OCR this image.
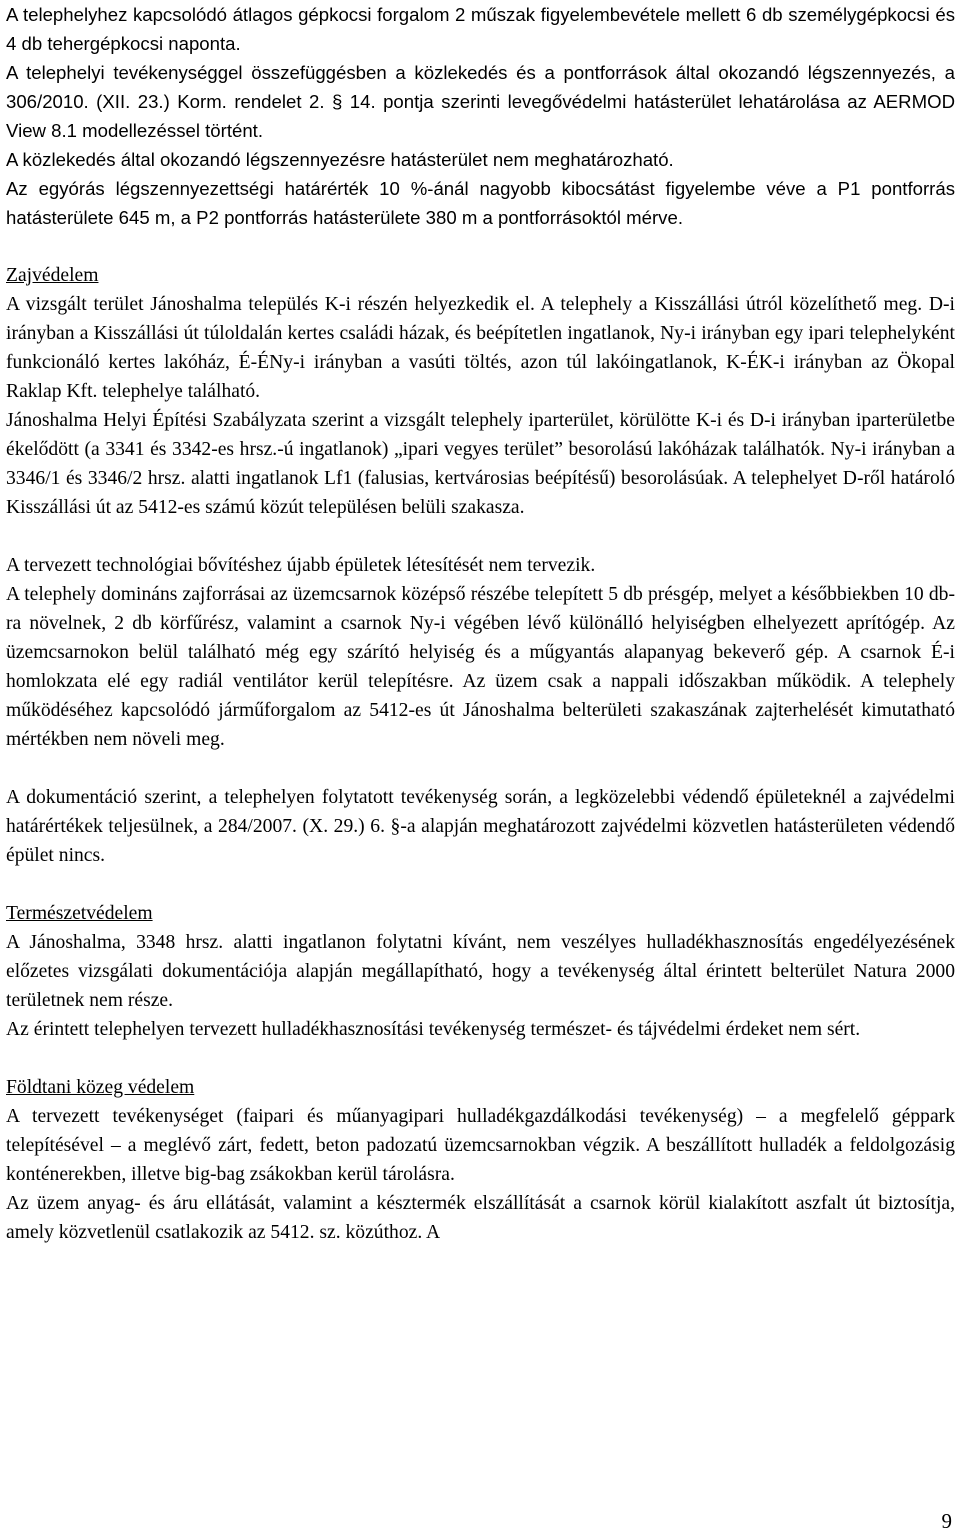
A telephelyhez kapcsolódó átlagos gépkocsi forgalom 2 műszak figyelembevétele mellett 6 db személygépkocsi és 4 db tehergépkocsi naponta.

A telephelyi tevékenységgel összefüggésben a közlekedés és a pontforrások által okozandó légszennyezés, a 306/2010. (XII. 23.) Korm. rendelet 2. § 14. pontja szerinti levegővédelmi hatásterület lehatárolása az AERMOD View 8.1 modellezéssel történt.

A közlekedés által okozandó légszennyezésre hatásterület nem meghatározható.

Az egyórás légszennyezettségi határérték 10 %-ánál nagyobb kibocsátást figyelembe véve a P1 pontforrás hatásterülete 645 m, a P2 pontforrás hatásterülete 380 m a pontforrásoktól mérve.

Zajvédelem

A vizsgált terület Jánoshalma település K-i részén helyezkedik el. A telephely a Kisszállási útról közelíthető meg. D-i irányban a Kisszállási út túloldalán kertes családi házak, és beépítetlen ingatlanok, Ny-i irányban egy ipari telephelyként funkcionáló kertes lakóház, É-ÉNy-i irányban a vasúti töltés, azon túl lakóingatlanok, K-ÉK-i irányban az Ökopal Raklap Kft. telephelye található.

Jánoshalma Helyi Építési Szabályzata szerint a vizsgált telephely iparterület, körülötte K-i és D-i irányban iparterületbe ékelődött (a 3341 és 3342-es hrsz.-ú ingatlanok) „ipari vegyes terület” besorolású lakóházak találhatók. Ny-i irányban a 3346/1 és 3346/2 hrsz. alatti ingatlanok Lf1 (falusias, kertvárosias beépítésű) besorolásúak. A telephelyet D-ről határoló Kisszállási út az 5412-es számú közút településen belüli szakasza.

A tervezett technológiai bővítéshez újabb épületek létesítését nem tervezik.

A telephely domináns zajforrásai az üzemcsarnok középső részébe telepített 5 db présgép, melyet a későbbiekben 10 db-ra növelnek, 2 db körfűrész, valamint a csarnok Ny-i végében lévő különálló helyiségben elhelyezett aprítógép. Az üzemcsarnokon belül található még egy szárító helyiség és a műgyantás alapanyag bekeverő gép. A csarnok É-i homlokzata elé egy radiál ventilátor kerül telepítésre. Az üzem csak a nappali időszakban működik. A telephely működéséhez kapcsolódó járműforgalom az 5412-es út Jánoshalma belterületi szakaszának zajterhelését kimutatható mértékben nem növeli meg.

A dokumentáció szerint, a telephelyen folytatott tevékenység során, a legközelebbi védendő épületeknél a zajvédelmi határértékek teljesülnek, a 284/2007. (X. 29.) 6. §-a alapján meghatározott zajvédelmi közvetlen hatásterületen védendő épület nincs.

Természetvédelem

A Jánoshalma, 3348 hrsz. alatti ingatlanon folytatni kívánt, nem veszélyes hulladékhasznosítás engedélyezésének előzetes vizsgálati dokumentációja alapján megállapítható, hogy a tevékenység által érintett belterület Natura 2000 területnek nem része.

Az érintett telephelyen tervezett hulladékhasznosítási tevékenység természet- és tájvédelmi érdeket nem sért.

Földtani közeg védelem

A tervezett tevékenységet (faipari és műanyagipari hulladékgazdálkodási tevékenység) – a megfelelő géppark telepítésével – a meglévő zárt, fedett, beton padozatú üzemcsarnokban végzik. A beszállított hulladék a feldolgozásig konténerekben, illetve big-bag zsákokban kerül tárolásra.

Az üzem anyag- és áru ellátását, valamint a késztermék elszállítását a csarnok körül kialakított aszfalt út biztosítja, amely közvetlenül csatlakozik az 5412. sz. közúthoz. A

9
